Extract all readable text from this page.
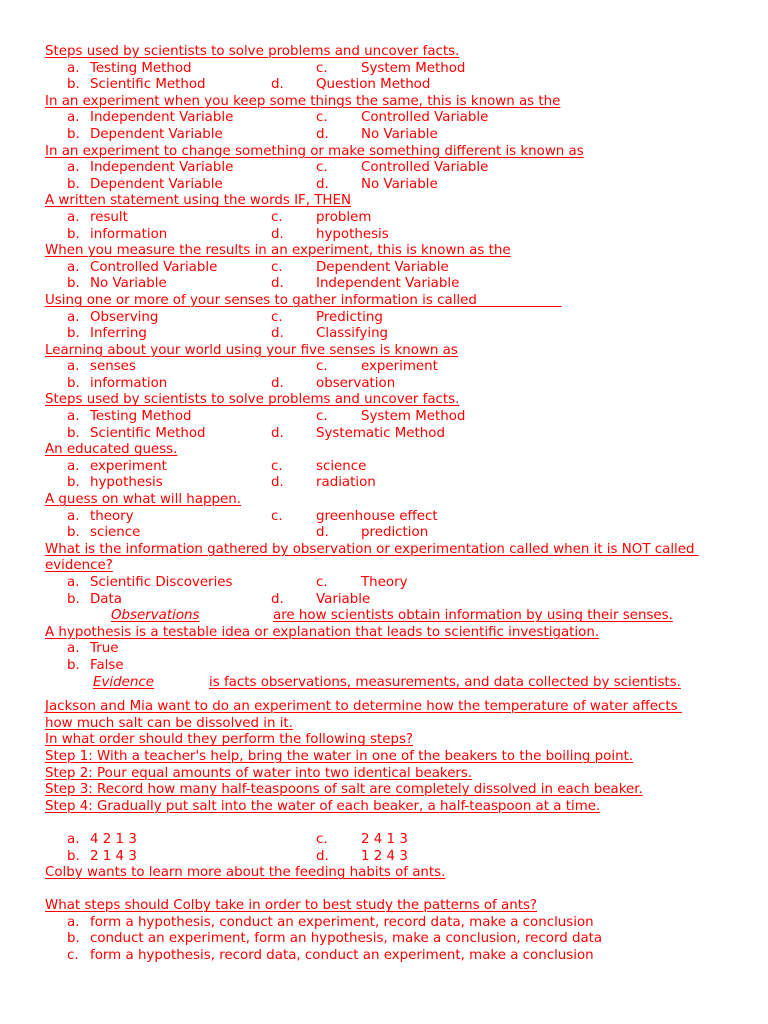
Steps used by scientists to solve problems and uncover facts.
a. Testing Method	c. System Method
b. Scientific Method	d. Question Method
In an experiment when you keep some things the same, this is known as the
a. Independent Variable	c. Controlled Variable
b. Dependent Variable	d. No Variable
In an experiment to change something or make something different is known as
a. Independent Variable	c. Controlled Variable
b. Dependent Variable	d. No Variable
A written statement using the words IF, THEN
a. result	c. problem
b. information	d. hypothesis
When you measure the results in an experiment, this is known as the
a. Controlled Variable	c. Dependent Variable
b. No Variable	d. Independent Variable
Using one or more of your senses to gather information is called ____________
a. Observing	c. Predicting
b. Inferring	d. Classifying
Learning about your world using your five senses is known as
a. senses	c. experiment
b. information	d. observation
Steps used by scientists to solve problems and uncover facts.
a. Testing Method	c. System Method
b. Scientific Method	d. Systematic Method
An educated guess.
a. experiment	c. science
b. hypothesis	d. radiation
A guess on what will happen.
a. theory	c. greenhouse effect
b. science	d. prediction
What is the information gathered by observation or experimentation called when it is NOT called
evidence?
a. Scientific Discoveries	c. Theory
b. Data	d. Variable
Observations	are how scientists obtain information by using their senses.
A hypothesis is a testable idea or explanation that leads to scientific investigation.
a. True
b. False
Evidence	is facts observations, measurements, and data collected by scientists.
Jackson and Mia want to do an experiment to determine how the temperature of water affects
how much salt can be dissolved in it.
In what order should they perform the following steps?
Step 1: With a teacher's help, bring the water in one of the beakers to the boiling point.
Step 2: Pour equal amounts of water into two identical beakers.
Step 3: Record how many half-teaspoons of salt are completely dissolved in each beaker.
Step 4: Gradually put salt into the water of each beaker, a half-teaspoon at a time.
a. 4 2 1 3	c. 2 4 1 3
b. 2 1 4 3	d. 1 2 4 3
Colby wants to learn more about the feeding habits of ants.
What steps should Colby take in order to best study the patterns of ants?
a. form a hypothesis, conduct an experiment, record data, make a conclusion
b. conduct an experiment, form an hypothesis, make a conclusion, record data
c. form a hypothesis, record data, conduct an experiment, make a conclusion
